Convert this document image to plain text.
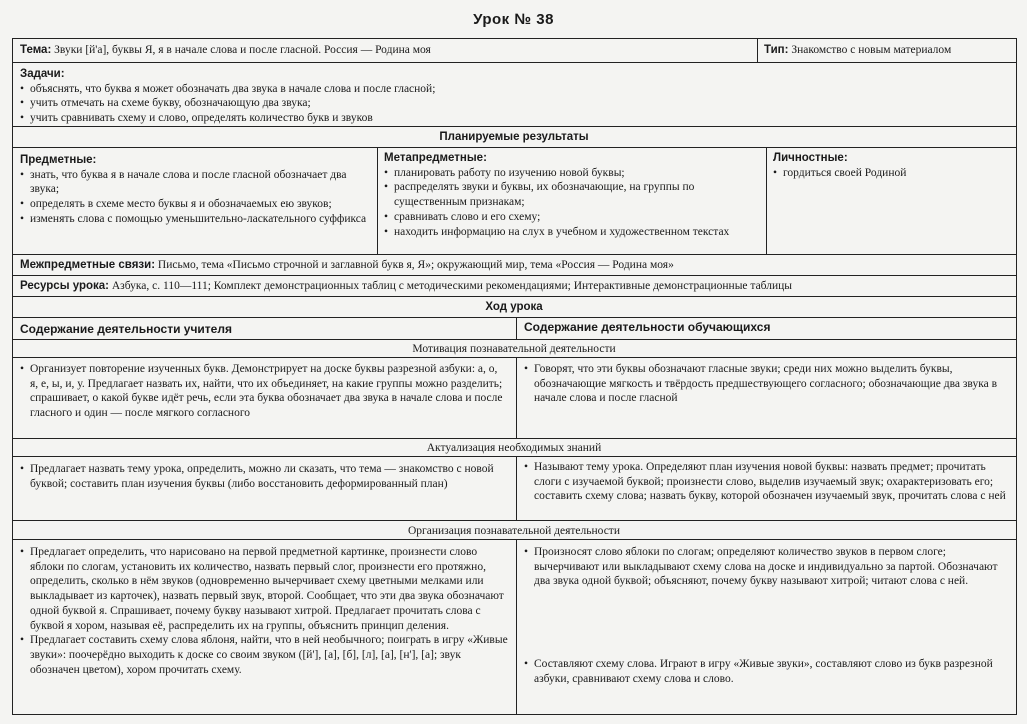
Урок № 38
Тема: Звуки [й'а], буквы Я, я в начале слова и после гласной. Россия — Родина моя	Тип: Знакомство с новым материалом
Задачи:
• объяснять, что буква я может обозначать два звука в начале слова и после гласной;
• учить отмечать на схеме букву, обозначающую два звука;
• учить сравнивать схему и слово, определять количество букв и звуков
Планируемые результаты
Предметные:
• знать, что буква я в начале слова и после гласной обозначает два звука;
• определять в схеме место буквы я и обозначаемых ею звуков;
• изменять слова с помощью уменьшительно-ласкательного суффикса
Метапредметные:
• планировать работу по изучению новой буквы;
• распределять звуки и буквы, их обозначающие, на группы по существенным признакам;
• сравнивать слово и его схему;
• находить информацию на слух в учебном и художественном текстах
Личностные:
• гордиться своей Родиной
Межпредметные связи: Письмо, тема «Письмо строчной и заглавной букв я, Я»; окружающий мир, тема «Россия — Родина моя»
Ресурсы урока: Азбука, с. 110—111; Комплект демонстрационных таблиц с методическими рекомендациями; Интерактивные демонстрационные таблицы
Ход урока
Содержание деятельности учителя	Содержание деятельности обучающихся
Мотивация познавательной деятельности
• Организует повторение изученных букв. Демонстрирует на доске буквы разрезной азбуки: а, о, я, е, ы, и, у. Предлагает назвать их, найти, что их объединяет, на какие группы можно разделить; спрашивает, о какой букве идёт речь, если эта буква обозначает два звука в начале слова и после гласного и один — после мягкого согласного
• Говорят, что эти буквы обозначают гласные звуки; среди них можно выделить буквы, обозначающие мягкость и твёрдость предшествующего согласного; обозначающие два звука в начале слова и после гласной
Актуализация необходимых знаний
• Предлагает назвать тему урока, определить, можно ли сказать, что тема — знакомство с новой буквой; составить план изучения буквы (либо восстановить деформированный план)
• Называют тему урока. Определяют план изучения новой буквы: назвать предмет; прочитать слоги с изучаемой буквой; произнести слово, выделив изучаемый звук; охарактеризовать его; составить схему слова; назвать букву, которой обозначен изучаемый звук, прочитать слова с ней
Организация познавательной деятельности
• Предлагает определить, что нарисовано на первой предметной картинке, произнести слово яблоки по слогам, установить их количество, назвать первый слог, произнести его протяжно, определить, сколько в нём звуков (одновременно вычерчивает схему цветными мелками или выкладывает из карточек), назвать первый звук, второй. Сообщает, что эти два звука обозначают одной буквой я. Спрашивает, почему букву называют хитрой. Предлагает прочитать слова с буквой я хором, называя её, распределить их на группы, объяснить принцип деления.
• Предлагает составить схему слова яблоня, найти, что в ней необычного; поиграть в игру «Живые звуки»: поочерёдно выходить к доске со своим звуком ([й'], [а], [б], [л], [а], [н'], [а]; звук обозначен цветом), хором прочитать схему.
• Произносят слово яблоки по слогам; определяют количество звуков в первом слоге; вычерчивают или выкладывают схему слова на доске и индивидуально за партой. Обозначают два звука одной буквой; объясняют, почему букву называют хитрой; читают слова с ней.
• Составляют схему слова. Играют в игру «Живые звуки», составляют слово из букв разрезной азбуки, сравнивают схему слова и слово.
